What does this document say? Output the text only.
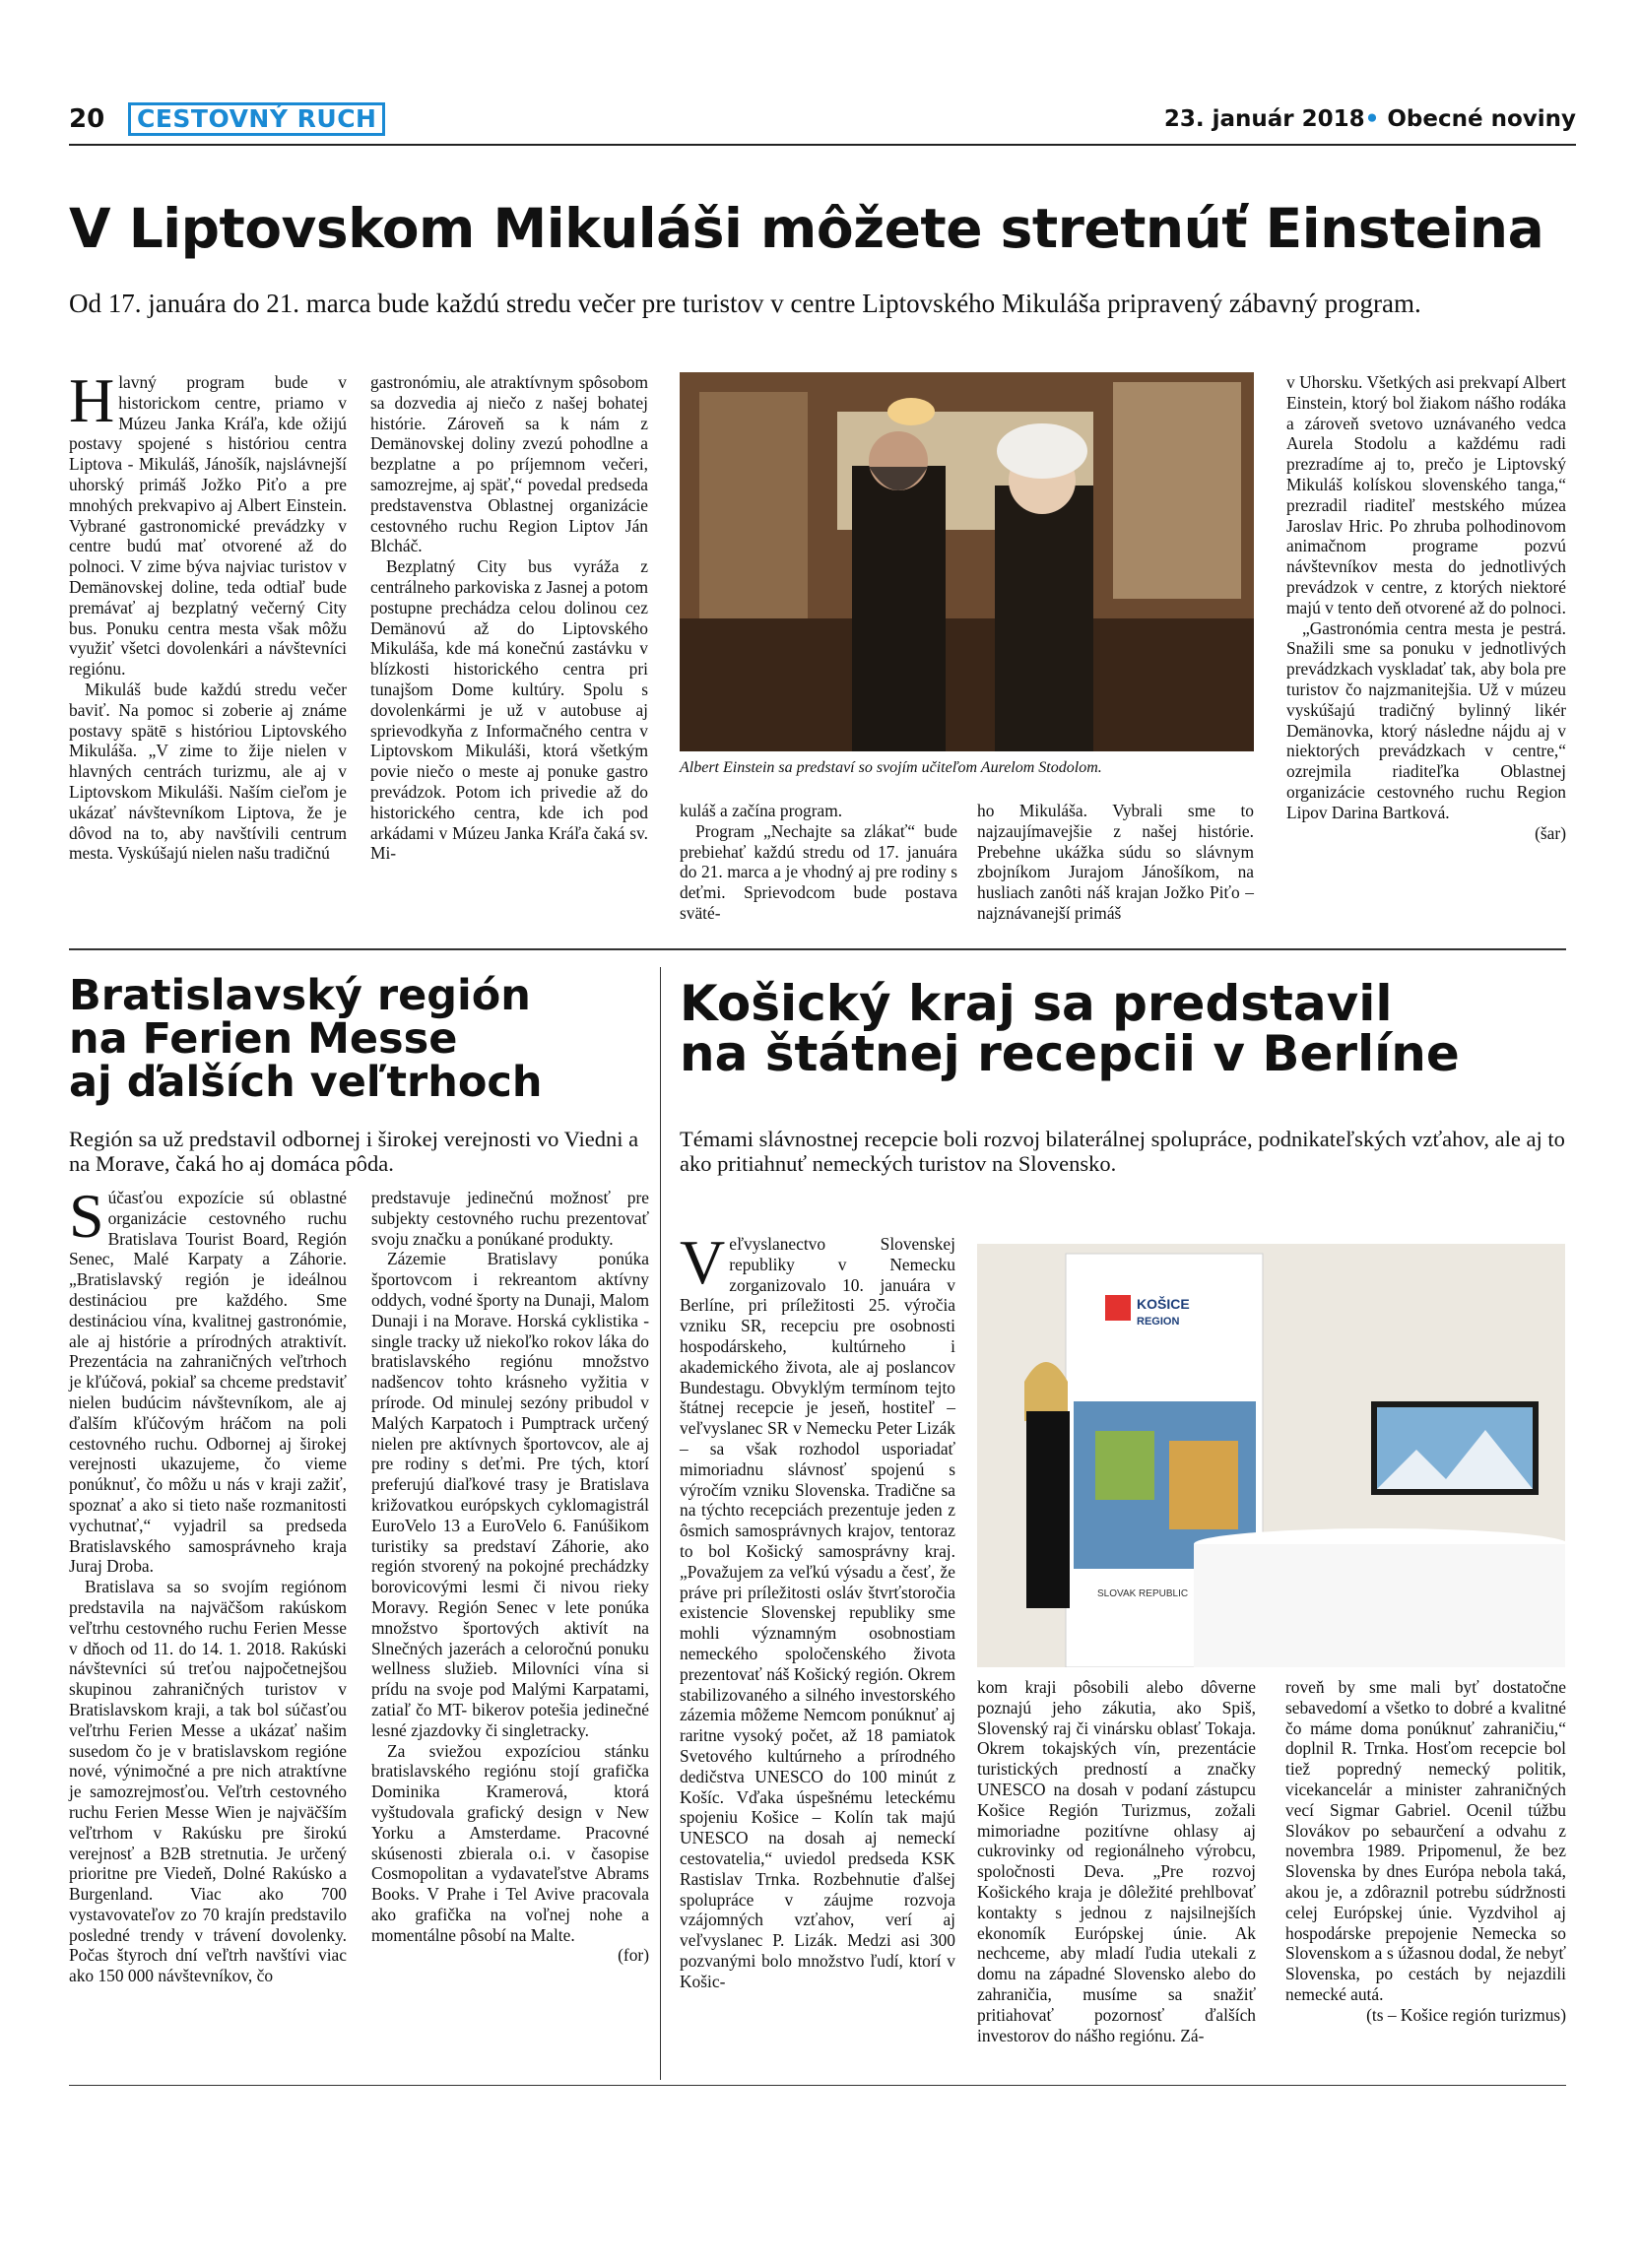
20	CESTOVNÝ RUCH	23. január 2018• Obecné noviny
V Liptovskom Mikuláši môžete stretnúť Einsteina
Od 17. januára do 21. marca bude každú stredu večer pre turistov v centre Liptovského Mikuláša pripravený zábavný program.

Hlavný program bude v historickom centre, priamo v Múzeu Janka Kráľa, kde ožijú postavy spojené s históriou centra Liptova - Mikuláš, Jánošík, najslávnejší uhorský primáš Jožko Piťo a pre mnohých prekvapivo aj Albert Einstein. Vybrané gastronomické prevádzky v centre budú mať otvorené až do polnoci. V zime býva najviac turistov v Demänovskej doline, teda odtiaľ bude premávať aj bezplatný večerný City bus. Ponuku centra mesta však môžu využiť všetci dovolenkári a návštevníci regiónu.

Mikuláš bude každú stredu večer baviť. Na pomoc si zoberie aj známe postavy spätē s históriou Liptovského Mikuláša. „V zime to žije nielen v hlavných centrách turizmu, ale aj v Liptovskom Mikuláši. Naším cieľom je ukázať návštevníkom Liptova, že je dôvod na to, aby navštívili centrum mesta. Vyskúšajú nielen našu tradičnú

gastronómiu, ale atraktívnym spôsobom sa dozvedia aj niečo z našej bohatej histórie. Zároveň sa k nám z Demänovskej doliny zvezú pohodlne a bezplatne a po príjemnom večeri, samozrejme, aj späť,“ povedal predseda predstavenstva Oblastnej organizácie cestovného ruchu Region Liptov Ján Blcháč.

Bezplatný City bus vyráža z centrálneho parkoviska z Jasnej a potom postupne prechádza celou dolinou cez Demänovú až do Liptovského Mikuláša, kde má konečnú zastávku v blízkosti historického centra pri tunajšom Dome kultúry. Spolu s dovolenkármi je už v autobuse aj sprievodkyňa z Informačného centra v Liptovskom Mikuláši, ktorá všetkým povie niečo o meste aj ponuke gastro prevádzok. Potom ich privedie až do historického centra, kde ich pod arkádami v Múzeu Janka Kráľa čaká sv. Mi-

Albert Einstein sa predstaví so svojím učiteľom Aurelom Stodolom.

kuláš a začína program.

Program „Nechajte sa zlákať“ bude prebiehať každú stredu od 17. januára do 21. marca a je vhodný aj pre rodiny s deťmi. Sprievodcom bude postava sväté-

ho Mikuláša. Vybrali sme to najzaujímavejšie z našej histórie. Prebehne ukážka súdu so slávnym zbojníkom Jurajom Jánošíkom, na husliach zanôti náš krajan Jožko Piťo – najznávanejší primáš

v Uhorsku. Všetkých asi prekvapí Albert Einstein, ktorý bol žiakom nášho rodáka a zároveň svetovo uznávaného vedca Aurela Stodolu a každému radi prezradíme aj to, prečo je Liptovský Mikuláš kolískou slovenského tanga,“ prezradil riaditeľ mestského múzea Jaroslav Hric. Po zhruba polhodinovom animačnom programe pozvú návštevníkov mesta do jednotlivých prevádzok v centre, z ktorých niektoré majú v tento deň otvorené až do polnoci.

„Gastronómia centra mesta je pestrá. Snažili sme sa ponuku v jednotlivých prevádzkach vyskladať tak, aby bola pre turistov čo najzmanitejšia. Už v múzeu vyskúšajú tradičný bylinný likér Demänovka, ktorý následne nájdu aj v niektorých prevádzkach v centre,“ ozrejmila riaditeľka Oblastnej organizácie cestovného ruchu Region Lipov Darina Bartková.

(šar)

Bratislavský región
na Ferien Messe
aj ďalších veľtrhoch
Región sa už predstavil odbornej i širokej verejnosti vo Viedni a na Morave, čaká ho aj domáca pôda.

Súčasťou expozície sú oblastné organizácie cestovného ruchu Bratislava Tourist Board, Región Senec, Malé Karpaty a Záhorie. „Bratislavský región je ideálnou destináciou pre každého. Sme destináciou vína, kvalitnej gastronómie, ale aj histórie a prírodných atraktivít. Prezentácia na zahraničných veľtrhoch je kľúčová, pokiaľ sa chceme predstaviť nielen budúcim návštevníkom, ale aj ďalším kľúčovým hráčom na poli cestovného ruchu. Odbornej aj širokej verejnosti ukazujeme, čo vieme ponúknuť, čo môžu u nás v kraji zažiť, spoznať a ako si tieto naše rozmanitosti vychutnať,“ vyjadril sa predseda Bratislavského samosprávneho kraja Juraj Droba.

Bratislava sa so svojím regiónom predstavila na najväčšom rakúskom veľtrhu cestovného ruchu Ferien Messe v dňoch od 11. do 14. 1. 2018. Rakúski návštevníci sú treťou najpočetnejšou skupinou zahraničných turistov v Bratislavskom kraji, a tak bol súčasťou veľtrhu Ferien Messe a ukázať našim susedom čo je v bratislavskom regióne nové, výnimočné a pre nich atraktívne je samozrejmosťou. Veľtrh cestovného ruchu Ferien Messe Wien je najväčším veľtrhom v Rakúsku pre širokú verejnosť a B2B stretnutia. Je určený prioritne pre Viedeň, Dolné Rakúsko a Burgenland. Viac ako 700 vystavovateľov zo 70 krajín predstavilo posledné trendy v trávení dovolenky. Počas štyroch dní veľtrh navštívi viac ako 150 000 návštevníkov, čo

predstavuje jedinečnú možnosť pre subjekty cestovného ruchu prezentovať svoju značku a ponúkané produkty.

Zázemie Bratislavy ponúka športovcom i rekreantom aktívny oddych, vodné športy na Dunaji, Malom Dunaji i na Morave. Horská cyklistika - single tracky už niekoľko rokov láka do bratislavského regiónu množstvo nadšencov tohto krásneho vyžitia v prírode. Od minulej sezóny pribudol v Malých Karpatoch i Pumptrack určený nielen pre aktívnych športovcov, ale aj pre rodiny s deťmi. Pre tých, ktorí preferujú diaľkové trasy je Bratislava križovatkou európskych cyklomagistrál EuroVelo 13 a EuroVelo 6. Fanúšikom turistiky sa predstaví Záhorie, ako región stvorený na pokojné prechádzky borovicovými lesmi či nivou rieky Moravy. Región Senec v lete ponúka množstvo športových aktivít na Slnečných jazerách a celoročnú ponuku wellness služieb. Milovníci vína si prídu na svoje pod Malými Karpatami, zatiaľ čo MT- bikerov potešia jedinečné lesné zjazdovky či singletracky.

Za sviežou expozíciou stánku bratislavského regiónu stojí grafička Dominika Kramerová, ktorá vyštudovala grafický design v New Yorku a Amsterdame. Pracovné skúsenosti zbierala o.i. v časopise Cosmopolitan a vydavateľstve Abrams Books. V Prahe i Tel Avive pracovala ako grafička na voľnej nohe a momentálne pôsobí na Malte.

(for)

Košický kraj sa predstavil
na štátnej recepcii v Berlíne
Témami slávnostnej recepcie boli rozvoj bilaterálnej spolupráce, podnikateľských vzťahov, ale aj to ako pritiahnuť nemeckých turistov na Slovensko.

Veľvyslanectvo Slovenskej republiky v Nemecku zorganizovalo 10. januára v Berlíne, pri príležitosti 25. výročia vzniku SR, recepciu pre osobnosti hospodárskeho, kultúrneho i akademického života, ale aj poslancov Bundestagu. Obvyklým termínom tejto štátnej recepcie je jeseň, hostiteľ – veľvyslanec SR v Nemecku Peter Lizák – sa však rozhodol usporiadať mimoriadnu slávnosť spojenú s výročím vzniku Slovenska. Tradične sa na týchto recepciách prezentuje jeden z ôsmich samosprávnych krajov, tentoraz to bol Košický samosprávny kraj. „Považujem za veľkú výsadu a česť, že práve pri príležitosti osláv štvrťstoročia existencie Slovenskej republiky sme mohli významným osobnostiam nemeckého spoločenského života prezentovať náš Košický región. Okrem stabilizovaného a silného investorského zázemia môžeme Nemcom ponúknuť aj raritne vysoký počet, až 18 pamiatok Svetového kultúrneho a prírodného dedičstva UNESCO do 100 minút z Košíc. Vďaka úspešnému leteckému spojeniu Košice – Kolín tak majú UNESCO na dosah aj nemeckí cestovatelia,“ uviedol predseda KSK Rastislav Trnka. Rozbehnutie ďalšej spolupráce v záujme rozvoja vzájomných vzťahov, verí aj veľvyslanec P. Lizák. Medzi asi 300 pozvanými bolo množstvo ľudí, ktorí v Košic-

KOŠICE
REGION
SLOVAK REPUBLIC

kom kraji pôsobili alebo dôverne poznajú jeho zákutia, ako Spiš, Slovenský raj či vinársku oblasť Tokaja. Okrem tokajských vín, prezentácie turistických predností a značky UNESCO na dosah v podaní zástupcu Košice Región Turizmus, zožali mimoriadne pozitívne ohlasy aj cukrovinky od regionálneho výrobcu, spoločnosti Deva. „Pre rozvoj Košického kraja je dôležité prehlbovať kontakty s jednou z najsilnejších ekonomík Európskej únie. Ak nechceme, aby mladí ľudia utekali z domu na západné Slovensko alebo do zahraničia, musíme sa snažiť pritiahovať pozornosť ďalších investorov do nášho regiónu. Zá-

roveň by sme mali byť dostatočne sebavedomí a všetko to dobré a kvalitné čo máme doma ponúknuť zahraničiu,“ doplnil R. Trnka. Hosťom recepcie bol tiež popredný nemecký politik, vicekancelár a minister zahraničných vecí Sigmar Gabriel. Ocenil túžbu Slovákov po sebaurčení a odvahu z novembra 1989. Pripomenul, že bez Slovenska by dnes Európa nebola taká, akou je, a zdôraznil potrebu súdržnosti celej Európskej únie. Vyzdvihol aj hospodárske prepojenie Nemecka so Slovenskom a s úžasnou dodal, že nebyť Slovenska, po cestách by nejazdili nemecké autá.

(ts – Košice región turizmus)
